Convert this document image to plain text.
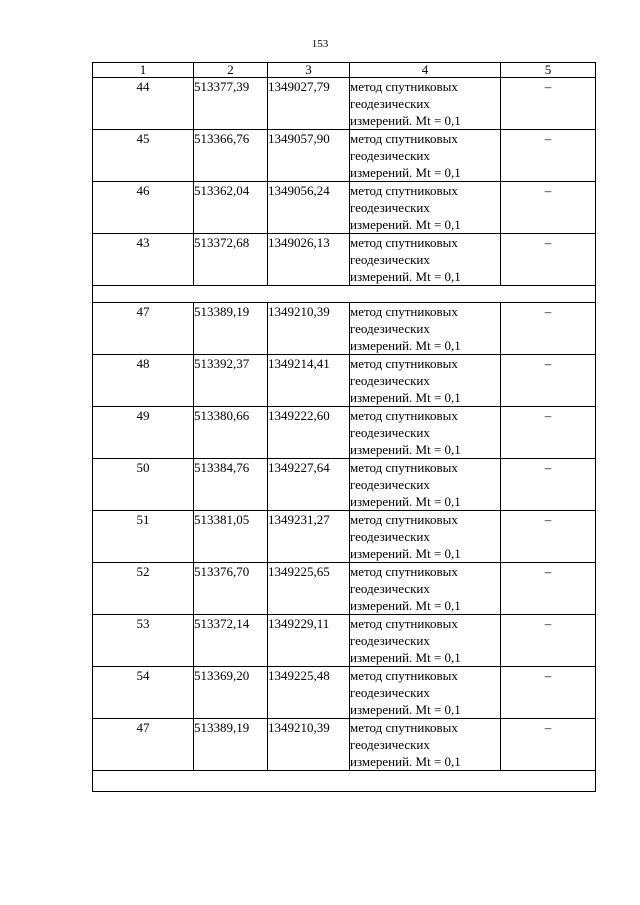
153
1	2	3	4	5
44	513377,39	1349027,79	метод спутниковых
геодезических
измерений. Mt = 0,1	–
45	513366,76	1349057,90	метод спутниковых
геодезических
измерений. Mt = 0,1	–
46	513362,04	1349056,24	метод спутниковых
геодезических
измерений. Mt = 0,1	–
43	513372,68	1349026,13	метод спутниковых
геодезических
измерений. Mt = 0,1	–

47	513389,19	1349210,39	метод спутниковых
геодезических
измерений. Mt = 0,1	–
48	513392,37	1349214,41	метод спутниковых
геодезических
измерений. Mt = 0,1	–
49	513380,66	1349222,60	метод спутниковых
геодезических
измерений. Mt = 0,1	–
50	513384,76	1349227,64	метод спутниковых
геодезических
измерений. Mt = 0,1	–
51	513381,05	1349231,27	метод спутниковых
геодезических
измерений. Mt = 0,1	–
52	513376,70	1349225,65	метод спутниковых
геодезических
измерений. Mt = 0,1	–
53	513372,14	1349229,11	метод спутниковых
геодезических
измерений. Mt = 0,1	–
54	513369,20	1349225,48	метод спутниковых
геодезических
измерений. Mt = 0,1	–
47	513389,19	1349210,39	метод спутниковых
геодезических
измерений. Mt = 0,1	–
